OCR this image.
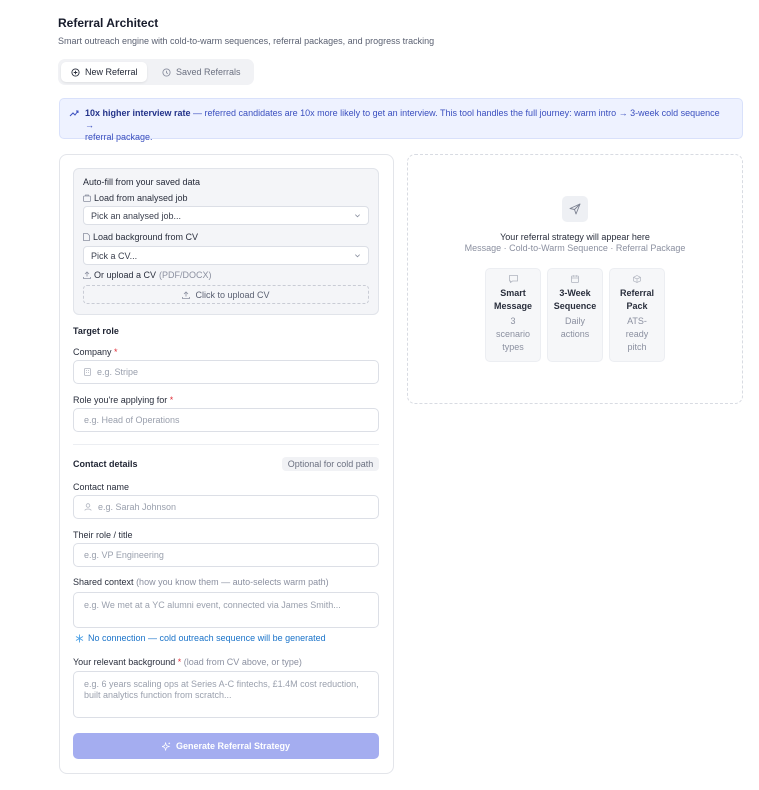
Referral Architect
Smart outreach engine with cold-to-warm sequences, referral packages, and progress tracking
New Referral	Saved Referrals
10x higher interview rate — referred candidates are 10x more likely to get an interview. This tool handles the full journey: warm intro → 3-week cold sequence →
referral package.
Auto-fill from your saved data
Load from analysed job
Pick an analysed job...
Load background from CV
Pick a CV...
Or upload a CV (PDF/DOCX)
Click to upload CV
Target role
Company *
e.g. Stripe
Role you're applying for *
e.g. Head of Operations
Contact details	Optional for cold path
Contact name
e.g. Sarah Johnson
Their role / title
e.g. VP Engineering
Shared context (how you know them — auto-selects warm path)
e.g. We met at a YC alumni event, connected via James Smith...
No connection — cold outreach sequence will be generated
Your relevant background * (load from CV above, or type)
e.g. 6 years scaling ops at Series A-C fintechs, £1.4M cost reduction,
built analytics function from scratch...
Generate Referral Strategy
Your referral strategy will appear here
Message · Cold-to-Warm Sequence · Referral Package
Smart
Message
3
scenario
types
3-Week
Sequence
Daily
actions
Referral
Pack
ATS-
ready
pitch
